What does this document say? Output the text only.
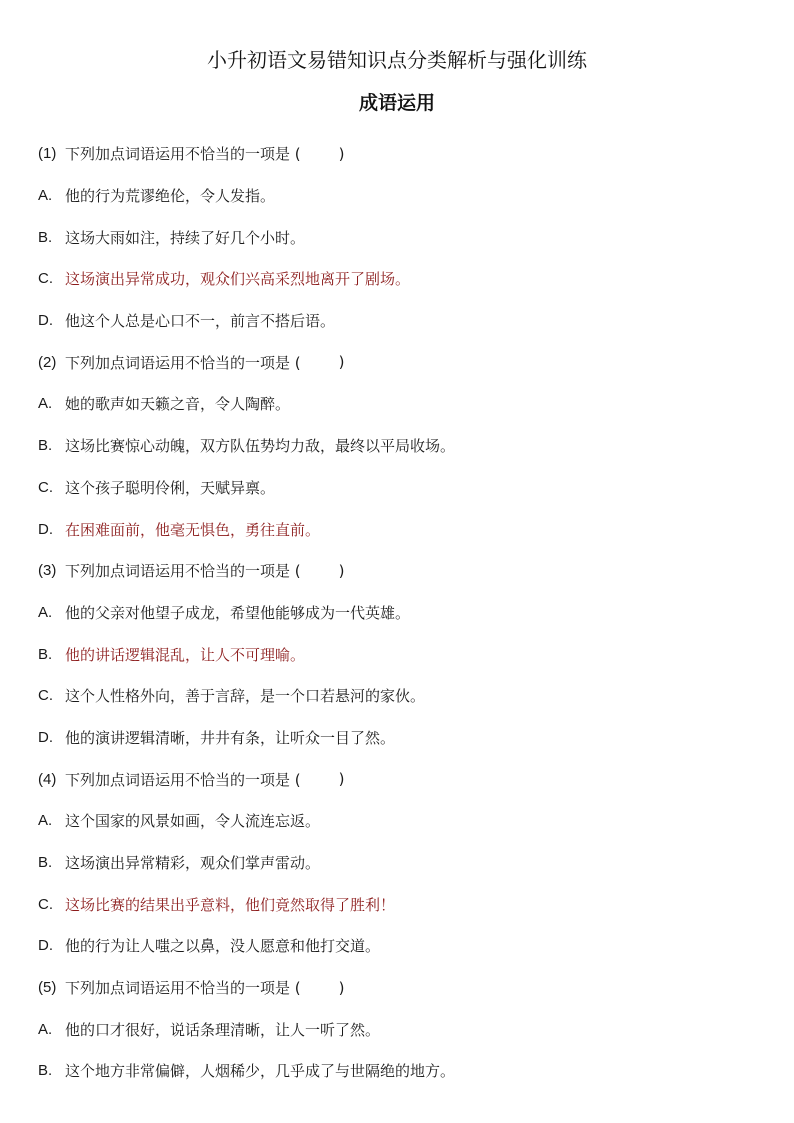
小升初语文易错知识点分类解析与强化训练
成语运用
(1) 下列加点词语运用不恰当的一项是 (	)
A. 他的行为荒谬绝伦，令人发指。
B. 这场大雨如注，持续了好几个小时。
C. 这场演出异常成功，观众们兴高采烈地离开了剧场。
D. 他这个人总是心口不一，前言不搭后语。
(2) 下列加点词语运用不恰当的一项是 (	)
A. 她的歌声如天籁之音，令人陶醉。
B. 这场比赛惊心动魄，双方队伍势均力敌，最终以平局收场。
C. 这个孩子聪明伶俐，天赋异禀。
D. 在困难面前，他毫无惧色，勇往直前。
(3) 下列加点词语运用不恰当的一项是 (	)
A. 他的父亲对他望子成龙，希望他能够成为一代英雄。
B. 他的讲话逻辑混乱，让人不可理喻。
C. 这个人性格外向，善于言辞，是一个口若悬河的家伙。
D. 他的演讲逻辑清晰，井井有条，让听众一目了然。
(4) 下列加点词语运用不恰当的一项是 (	)
A. 这个国家的风景如画，令人流连忘返。
B. 这场演出异常精彩，观众们掌声雷动。
C. 这场比赛的结果出乎意料，他们竟然取得了胜利！
D. 他的行为让人嗤之以鼻，没人愿意和他打交道。
(5) 下列加点词语运用不恰当的一项是 (	)
A. 他的口才很好，说话条理清晰，让人一听了然。
B. 这个地方非常偏僻，人烟稀少，几乎成了与世隔绝的地方。
